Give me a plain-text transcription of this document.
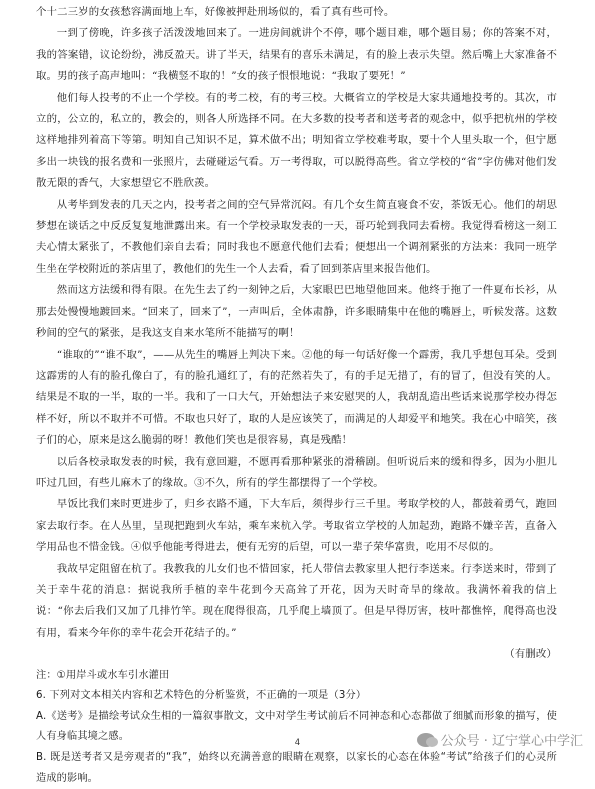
个十二三岁的女孩愁容满面地上车，好像被押赴刑场似的，看了真有些可怜。

一到了傍晚，许多孩子活泼泼地回来了。一进房间就讲个不停，哪个题目难，哪个题目易；你的答案不对，我的答案错，议论纷纷，沸反盈天。讲了半天，结果有的喜乐未满足，有的脸上表示失望。然后嘴上大家准备不取。男的孩子高声地叫：“我横竖不取的！”女的孩子恨恨地说：“我取了要死！”

他们每人投考的不止一个学校。有的考二校，有的考三校。大概省立的学校是大家共通地投考的。其次，市立的，公立的，私立的，教会的，则各人所选择不同。在大多数的投考者和送考者的观念中，似乎把杭州的学校这样地排列着高下等第。明知自己知识不足，算术做不出；明知省立学校难考取，要十个人里头取一个，但宁愿多出一块钱的报名费和一张照片，去碰碰运气看。万一考得取，可以脱得高些。省立学校的“省”字仿佛对他们发散无限的香气，大家想望它不胜欣羡。

从考毕到发表的几天之内，投考者之间的空气异常沉闷。有几个女生简直寝食不安，茶饭无心。他们的胡思梦想在谈话之中反反复复地泄露出来。有一个学校录取发表的一天，哥巧轮到我同去看榜。我觉得看榜这一刻工夫心情太紧张了，不教他们亲自去看；同时我也不愿意代他们去看；便想出一个调剂紧张的方法来：我同一班学生坐在学校附近的茶店里了，教他们的先生一个人去看，看了回到茶店里来报告他们。

然而这方法缓和得有限。在先生去了约一刻钟之后，大家眼巴巴地望他回来。他终于拖了一件夏布长衫，从那去处慢慢地踱回来。“回来了，回来了”，一声叫后，全体肃静，许多眼睛集中在他的嘴唇上，听候发落。这数秒间的空气的紧张，是我这支自来水笔所不能描写的啊！

“谁取的”“谁不取”，——从先生的嘴唇上判决下来。②他的每一句话好像一个霹雳，我几乎想包耳朵。受到这霹雳的人有的脸孔像白了，有的脸孔通红了，有的茫然若失了，有的手足无措了，有的冒了，但没有笑的人。结果是不取的一半，取的一半。我和了一口大气，开始想法子来安慰哭的人，我胡乱造出些话来说那学校办得怎样不好，所以不取并不可惜。不取也只好了，取的人是应该笑了，而满足的人却爱平和地笑。我在心中暗笑，孩子们的心，原来是这么脆弱的呀！教他们笑也是很容易，真是残酷！

以后各校录取发表的时候，我有意回避，不愿再看那种紧张的滑稽剧。但听说后来的缓和得多，因为小胆儿吓过几回，有些儿麻木了的缘故。③不久，所有的学生都摆得了一个学校。

早饭比我们来时更进步了，归乡衣路不通，下大车后，须得步行三千里。考取学校的人，都鼓着勇气，跑回家去取行李。在人丛里，呈现把跑到火车站，乘车来杭入学。考取省立学校的人加起劲，跑路不嫌辛苦，直备入学用品也不惜金钱。④似乎他能考得进去，便有无穷的后望，可以一辈子荣华富贵，吃用不尽似的。

我故早定阻留在杭了。我教我的儿女们也不惜回家，托人带信去教家里人把行李送来。行李送来时，带到了关于幸牛花的消息：据说我所手植的幸牛花到今天高耸了开花，因为天时奇旱的缘故。我满怀着我的信上说：“你去后我们又加了几排竹竿。现在爬得很高，几乎爬上墙顶了。但是早得厉害，枝叶都憔悴，爬得高也没有用，看来今年你的幸牛花会开花结子的。”

（有删改）

注：①用岸斗或水车引水灌田

6. 下列对文本相关内容和艺术特色的分析鉴赏，不正确的一项是（3分）

A.《送考》是描绘考试众生相的一篇叙事散文，文中对学生考试前后不同神态和心态都做了细腻而形象的描写，使人有身临其境之感。

B. 既是送考者又是旁观者的“我”，始终以充满善意的眼睛在观察，以家长的心态在体验“考试”给孩子们的心灵所造成的影响。

4	公众号 · 辽宁掌心中学汇
